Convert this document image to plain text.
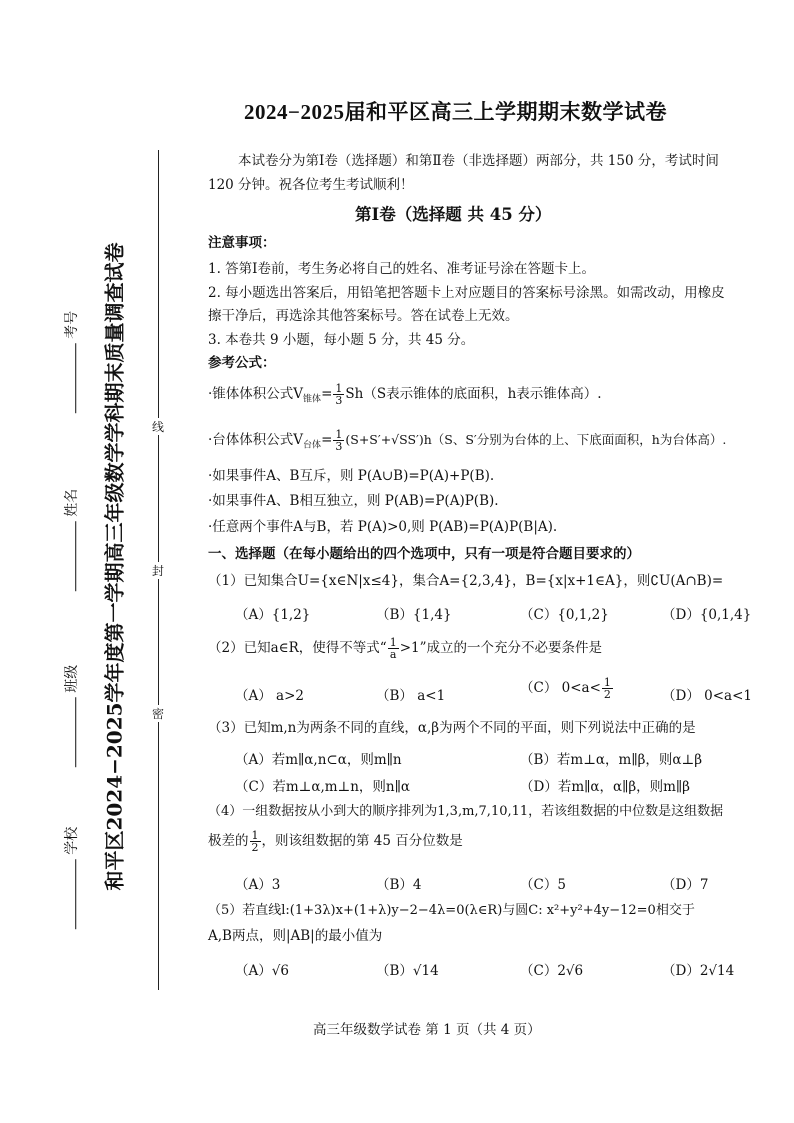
考号
姓名
班级
学校 和平区2024−2025学年度第一学期高三年级数学学科期末质量调查试卷 线
封
密
2024−2025届和平区高三上学期期末数学试卷
本试卷分为第Ⅰ卷（选择题）和第Ⅱ卷（非选择题）两部分，共 150 分，考试时间
120 分钟。祝各位考生考试顺利！
第Ⅰ卷（选择题 共 45 分）
注意事项：
1. 答第Ⅰ卷前，考生务必将自己的姓名、准考证号涂在答题卡上。
2. 每小题选出答案后，用铅笔把答题卡上对应题目的答案标号涂黑。如需改动，用橡皮
擦干净后，再选涂其他答案标号。答在试卷上无效。
3. 本卷共 9 小题，每小题 5 分，共 45 分。
参考公式：
·锥体体积公式$V_{锥体}= \frac{1}{3} Sh(S$表示锥体的底面积，h表示锥体高）.
·台体体积公式$V_{台体}= \frac{1}{3} (S+S'+√SS')h(S$、S′分别为台体的上、下底面面积，h为台体高）.
·如果事件A、B互斥，则 P(A∪B)=P(A)+P(B).
·如果事件A、B相互独立，则 P(AB)=P(A)P(B).
·任意两个事件A与B，若 P(A)>0,则 P(AB)=P(A)P(B|A).
一、选择题（在每小题给出的四个选项中，只有一项是符合题目要求的）
（1）已知集合U={x∈N|x≤4}，集合A={2,3,4}，B={x|x+1∈A}，则∁U(A∩B)=
（A）{1,2}	（B）{1,4}	（C）{0,1,2}	（D）{0,1,4}
（2）已知a∈R，使得不等式“ $\frac{1}{a} >1$”成立的一个充分不必要条件是
（A） a>2	（B） a<1	（C） $0<a< \frac{1}{2}$	（D） 0<a<1
（3）已知m,n为两条不同的直线，α,β为两个不同的平面，则下列说法中正确的是
（A）若m∥α,n⊂α，则m∥n	（B）若m⊥α，m∥β，则α⊥β
（C）若m⊥α,m⊥n，则n∥α	（D）若m∥α，α∥β，则m∥β
（4）一组数据按从小到大的顺序排列为1,3,m,7,10,11，若该组数据的中位数是这组数据
极差的 $\frac{1}{2}$ ，则该组数据的第 45 百分位数是
（A）3	（B）4	（C）5	（D）7
（5）若直线l:(1+3λ)x+(1+λ)y−2−4λ=0(λ∈R)与圆C: x²+y²+4y−12=0相交于
A,B两点，则|AB|的最小值为
（A）√6	（B）√14	（C）2√6	（D）2√14
高三年级数学试卷 第 1 页（共 4 页）
